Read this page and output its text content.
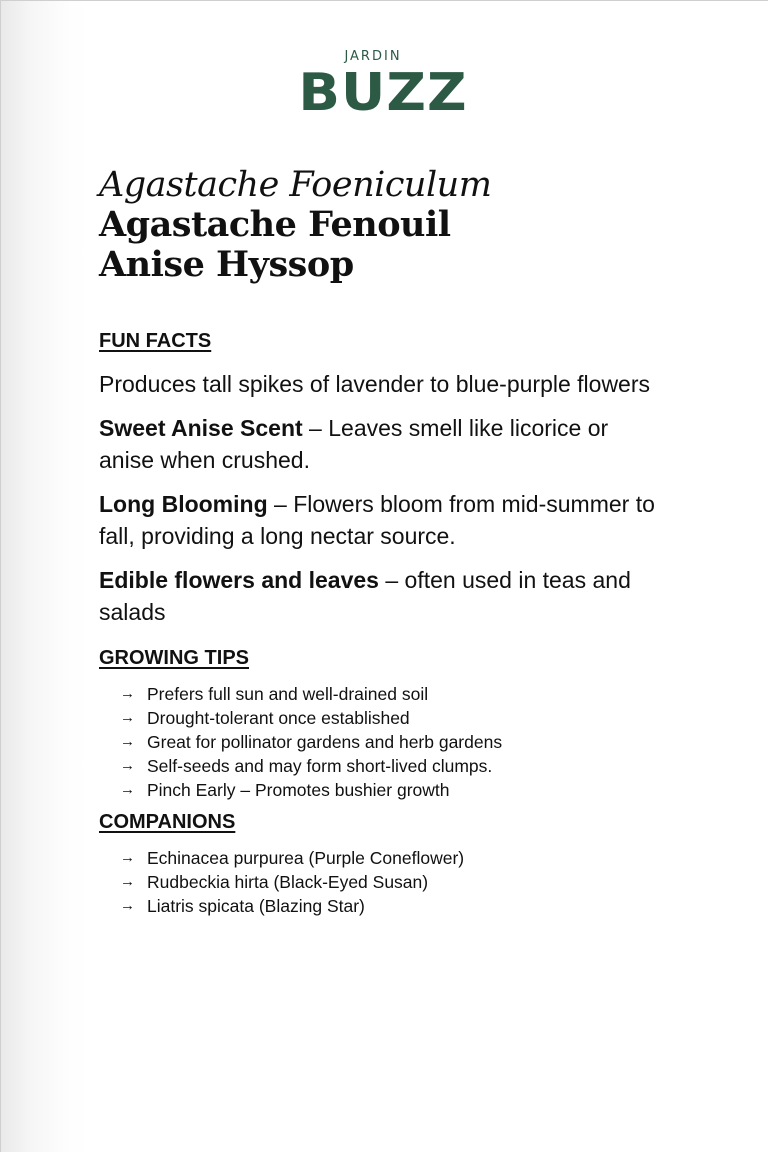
JARDIN
BUZZ
Agastache Foeniculum
Agastache Fenouil
Anise Hyssop
FUN FACTS

Produces tall spikes of lavender to blue-purple flowers

Sweet Anise Scent – Leaves smell like licorice or anise when crushed.

Long Blooming – Flowers bloom from mid-summer to fall, providing a long nectar source.

Edible flowers and leaves – often used in teas and salads

GROWING TIPS
→ Prefers full sun and well-drained soil
→ Drought-tolerant once established
→ Great for pollinator gardens and herb gardens
→ Self-seeds and may form short-lived clumps.
→ Pinch Early – Promotes bushier growth
COMPANIONS
→ Echinacea purpurea (Purple Coneflower)
→ Rudbeckia hirta (Black-Eyed Susan)
→ Liatris spicata (Blazing Star)
